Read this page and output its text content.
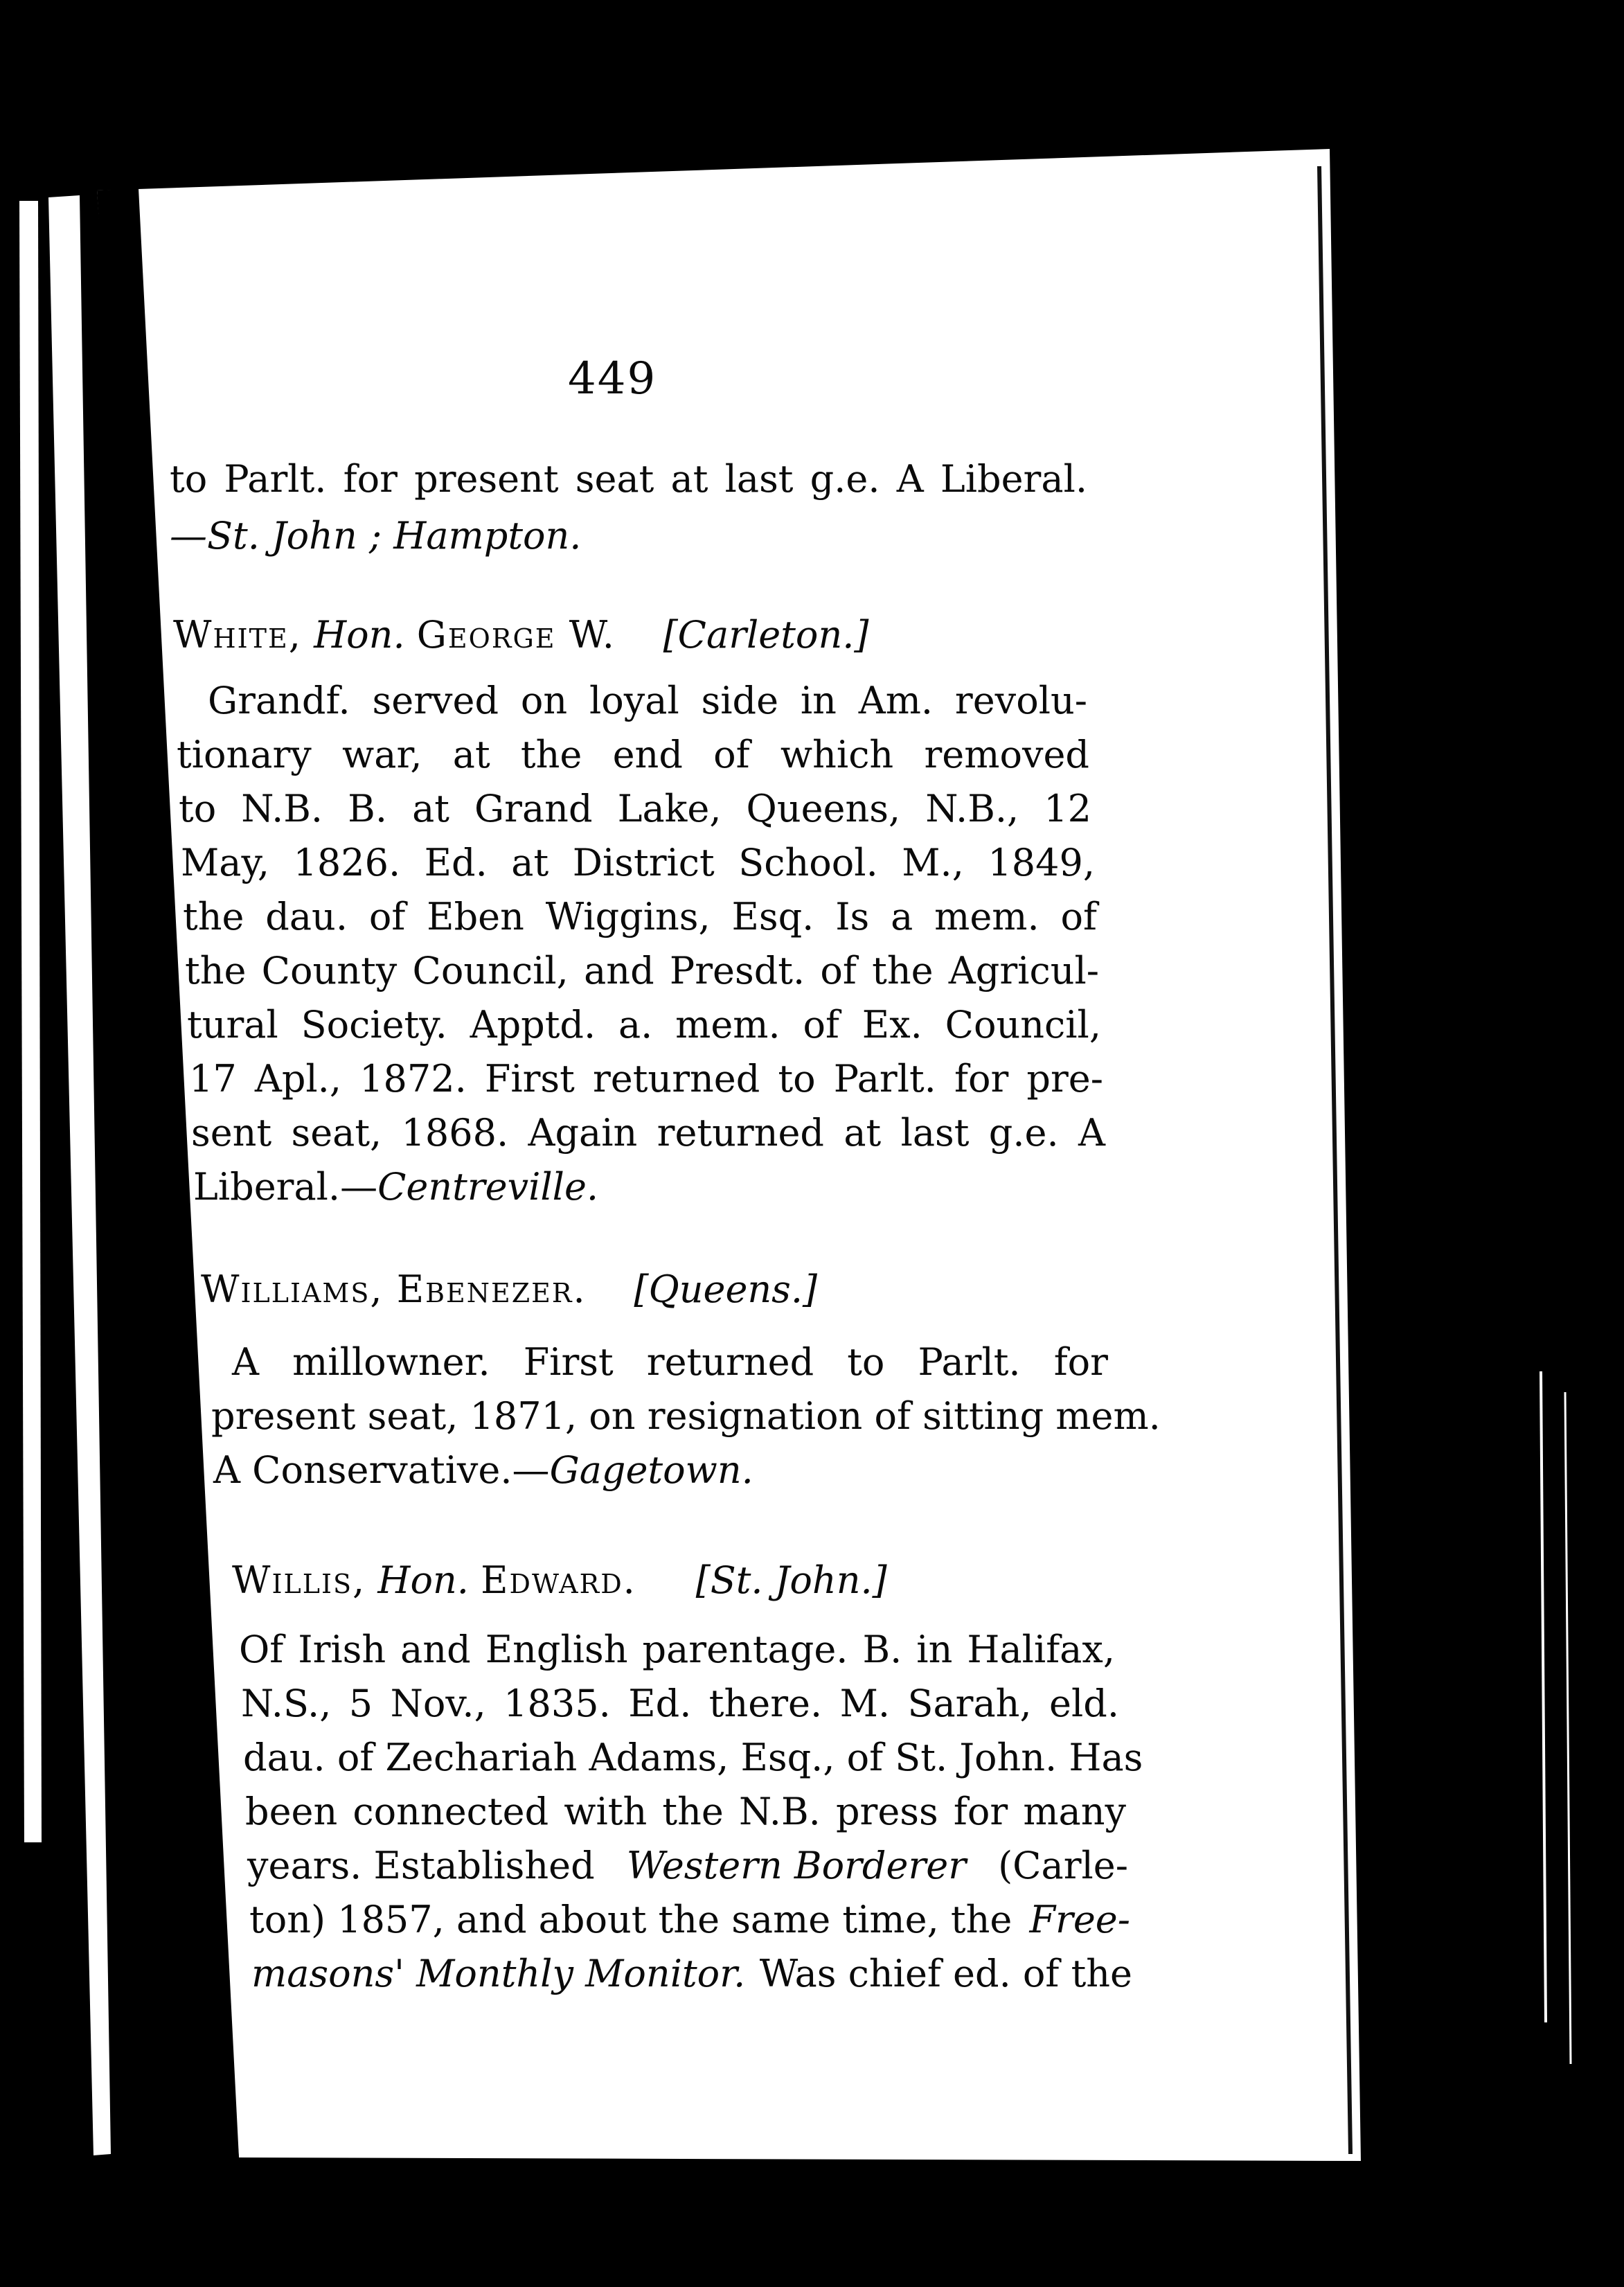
449
to Parlt. for present seat at last g.e. A Liberal.
—St. John ; Hampton.
White, Hon. George W. [Carleton.]
Grandf. served on loyal side in Am. revolu-
tionary war, at the end of which removed
to N.B. B. at Grand Lake, Queens, N.B., 12
May, 1826. Ed. at District School. M., 1849,
the dau. of Eben Wiggins, Esq. Is a mem. of
the County Council, and Presdt. of the Agricul-
tural Society. Apptd. a. mem. of Ex. Council,
17 Apl., 1872. First returned to Parlt. for pre-
sent seat, 1868. Again returned at last g.e. A
Liberal.—Centreville.
Williams, Ebenezer. [Queens.]
A millowner. First returned to Parlt. for
present seat, 1871, on resignation of sitting mem.
A Conservative.—Gagetown.
Willis, Hon. Edward. [St. John.]
Of Irish and English parentage. B. in Halifax,
N.S., 5 Nov., 1835. Ed. there. M. Sarah, eld.
dau. of Zechariah Adams, Esq., of St. John. Has
been connected with the N.B. press for many
years. Established Western Borderer (Carle-
ton) 1857, and about the same time, the Free-
masons' Monthly Monitor. Was chief ed. of the
